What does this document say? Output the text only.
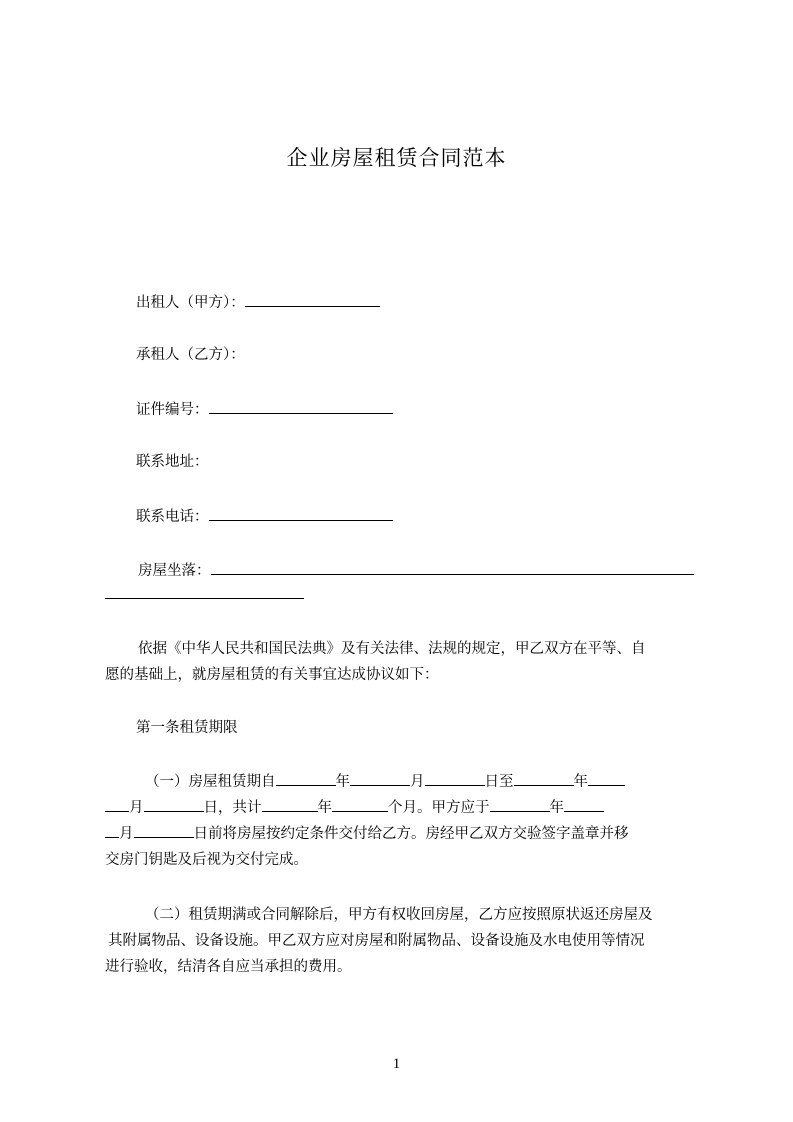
企业房屋租赁合同范本
出租人（甲方）：
承租人（乙方）：
证件编号：
联系地址：
联系电话：
房屋坐落：

依据《中华人民共和国民法典》及有关法律、法规的规定，甲乙双方在平等、自

愿的基础上，就房屋租赁的有关事宜达成协议如下：

第一条租赁期限

（一）房屋租赁期自	年	月	日至	年

月	日，共计	年	个月。甲方应于	年

月	日前将房屋按约定条件交付给乙方。房经甲乙双方交验签字盖章并移

交房门钥匙及后视为交付完成。

（二）租赁期满或合同解除后，甲方有权收回房屋，乙方应按照原状返还房屋及

其附属物品、设备设施。甲乙双方应对房屋和附属物品、设备设施及水电使用等情况

进行验收，结清各自应当承担的费用。

1
